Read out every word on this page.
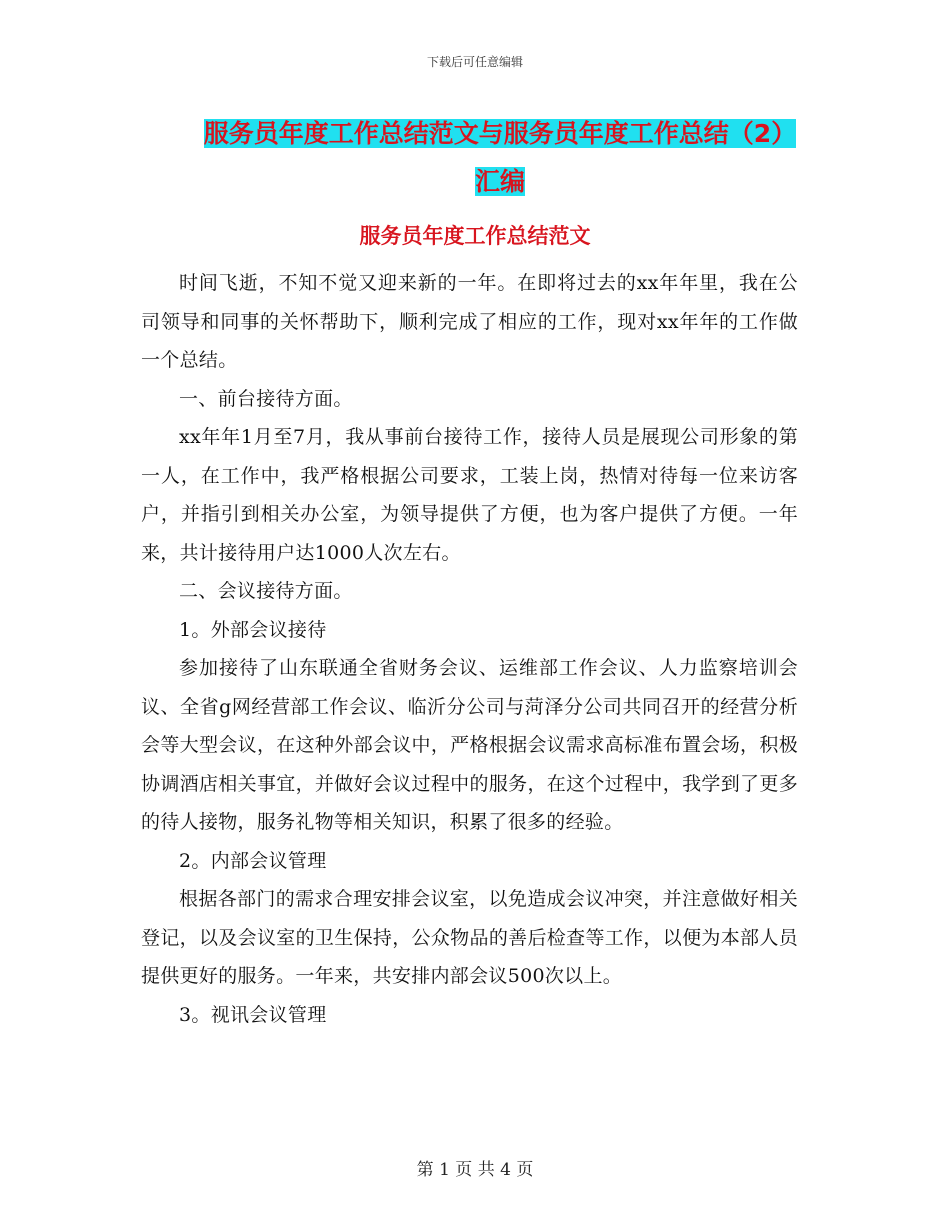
下载后可任意编辑
服务员年度工作总结范文与服务员年度工作总结（2）
汇编
服务员年度工作总结范文

时间飞逝，不知不觉又迎来新的一年。在即将过去的xx年年里，我在公司领导和同事的关怀帮助下，顺利完成了相应的工作，现对xx年年的工作做一个总结。

一、前台接待方面。

xx年年1月至7月，我从事前台接待工作，接待人员是展现公司形象的第一人，在工作中，我严格根据公司要求，工装上岗，热情对待每一位来访客户，并指引到相关办公室，为领导提供了方便，也为客户提供了方便。一年来，共计接待用户达1000人次左右。

二、会议接待方面。

1。外部会议接待

参加接待了山东联通全省财务会议、运维部工作会议、人力监察培训会议、全省g网经营部工作会议、临沂分公司与菏泽分公司共同召开的经营分析会等大型会议，在这种外部会议中，严格根据会议需求高标准布置会场，积极协调酒店相关事宜，并做好会议过程中的服务，在这个过程中，我学到了更多的待人接物，服务礼物等相关知识，积累了很多的经验。

2。内部会议管理

根据各部门的需求合理安排会议室，以免造成会议冲突，并注意做好相关登记，以及会议室的卫生保持，公众物品的善后检查等工作，以便为本部人员提供更好的服务。一年来，共安排内部会议500次以上。

3。视讯会议管理

第 1 页 共 4 页
